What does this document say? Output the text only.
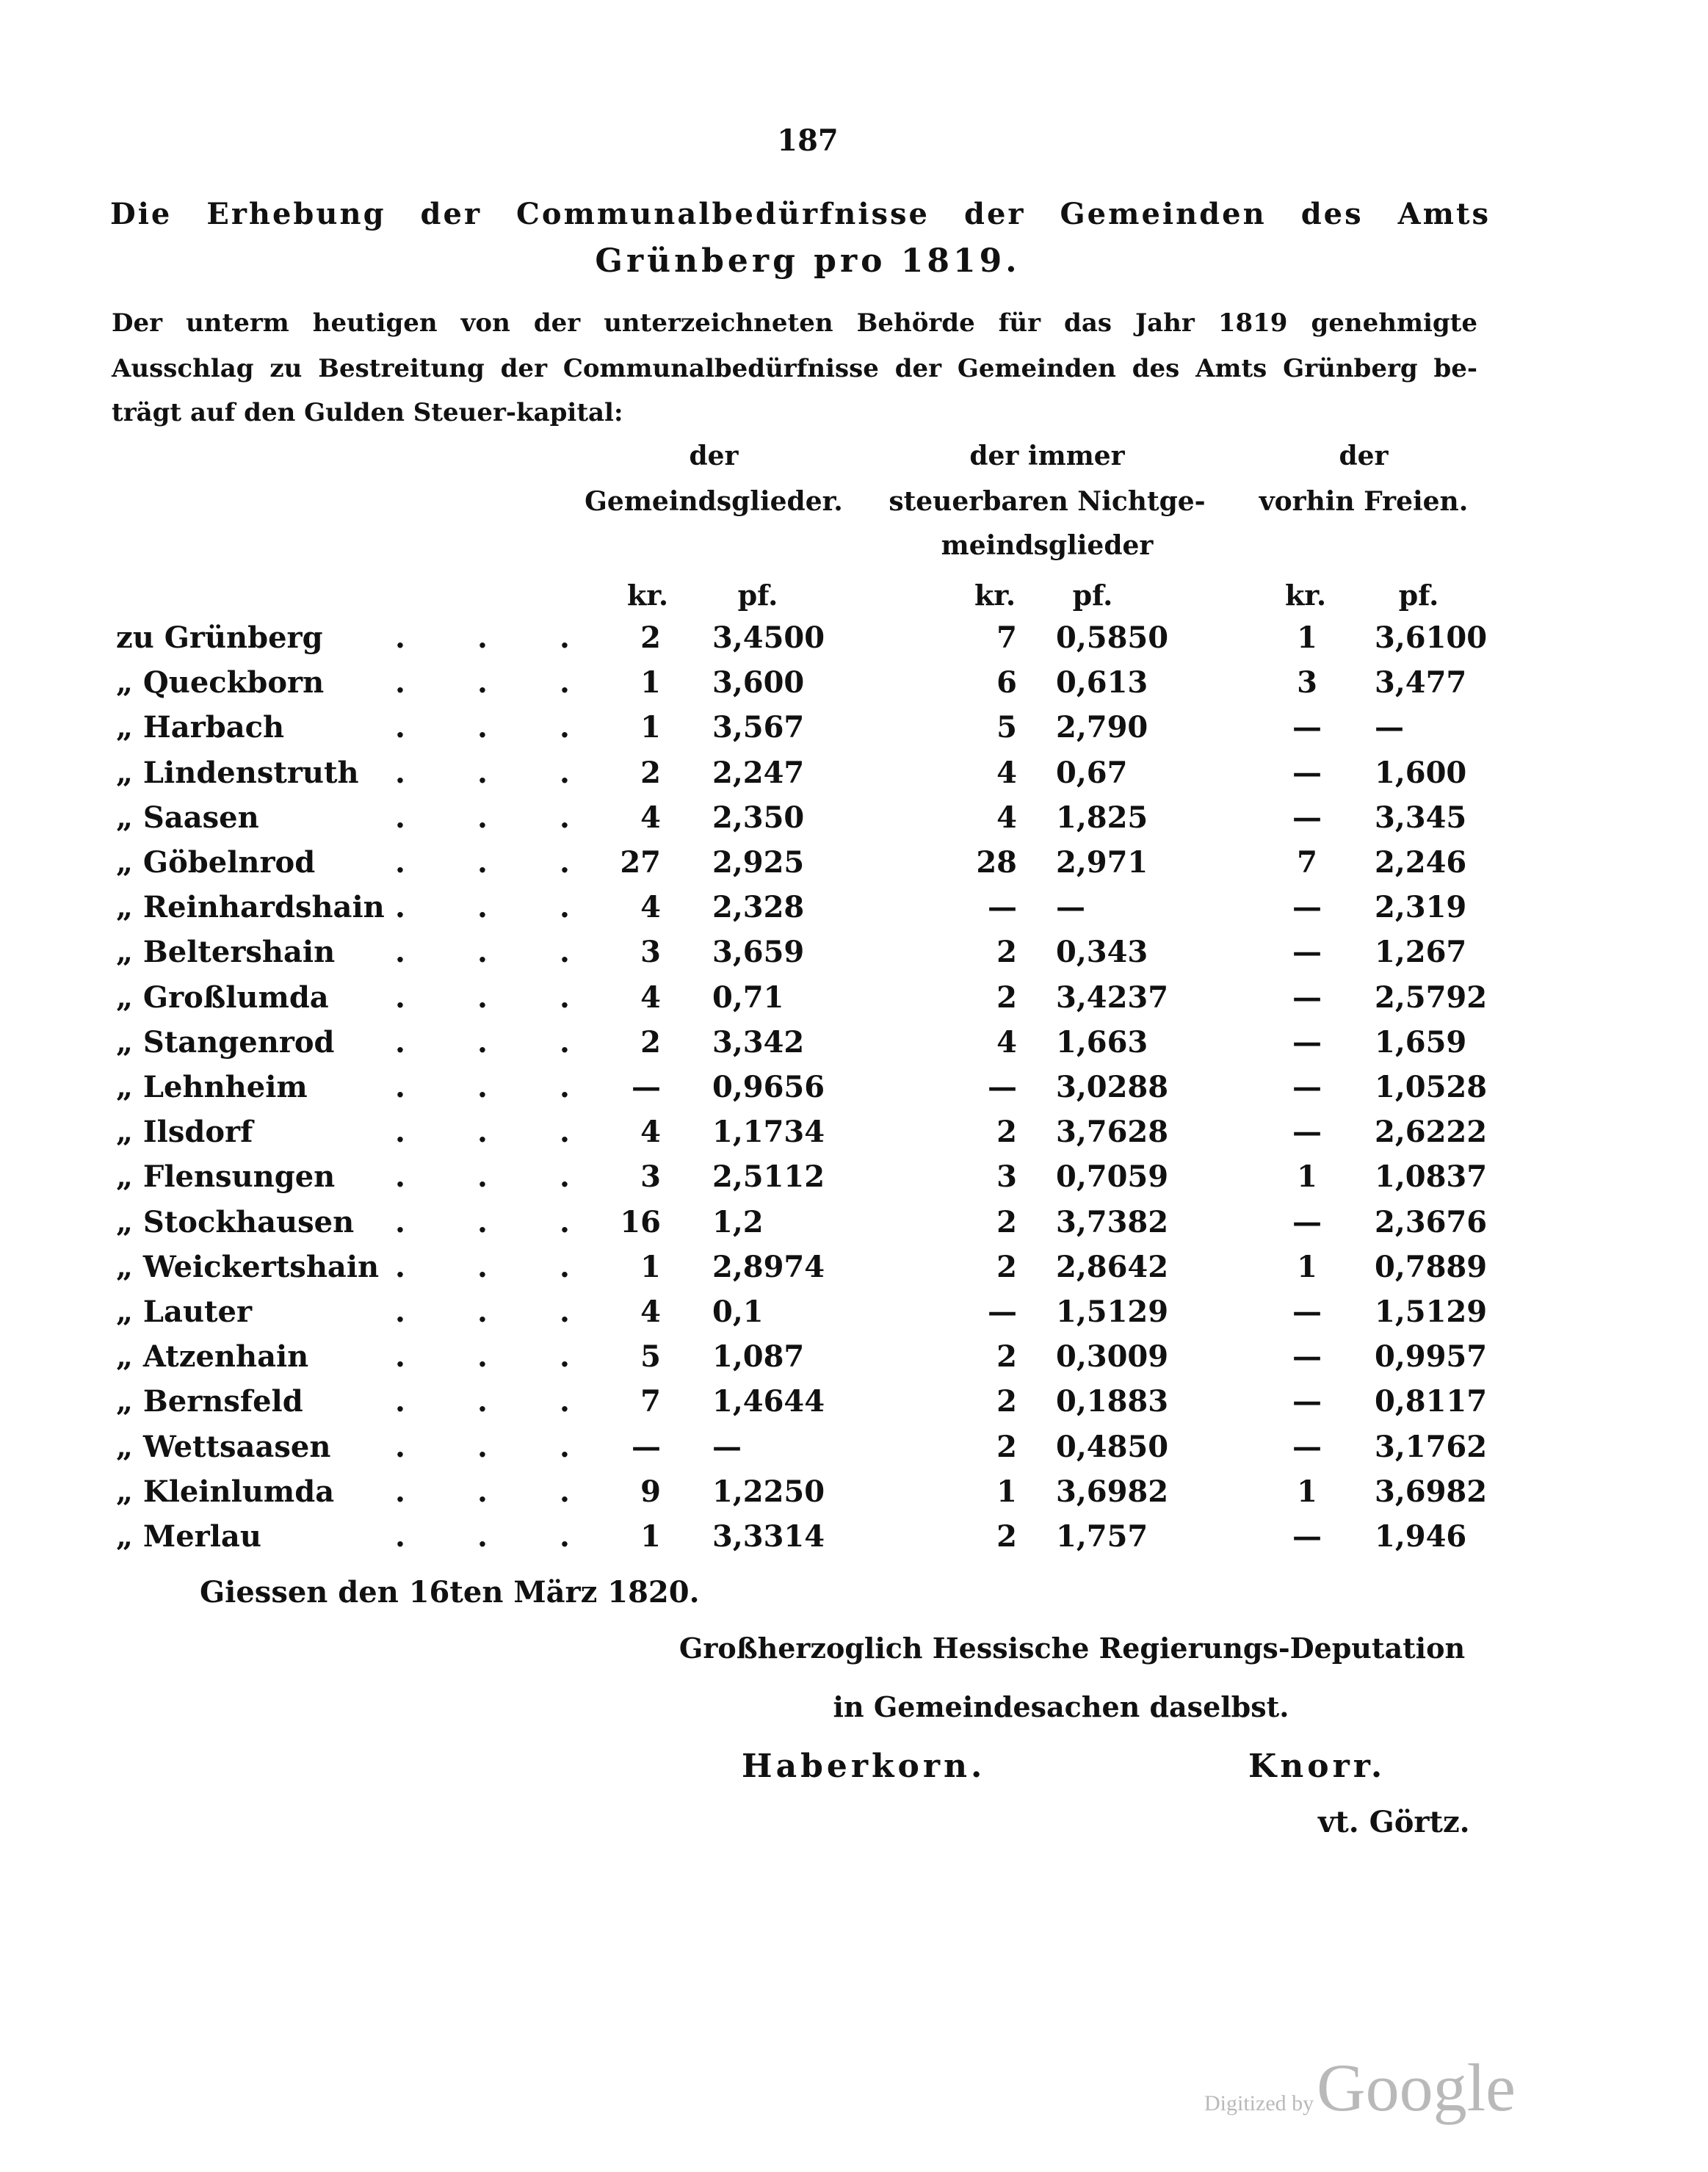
187
Die Erhebung der Communalbedürfnisse der Gemeinden des Amts
Grünberg pro 1819.
Der unterm heutigen von der unterzeichneten Behörde für das Jahr 1819 genehmigte
Ausschlag zu Bestreitung der Communalbedürfnisse der Gemeinden des Amts Grünberg be-
trägt auf den Gulden Steuer-kapital:
der
Gemeindsglieder.
der immer
steuerbaren Nichtge-
meindsglieder
der
vorhin Freien.
kr.	pf.	kr.	pf.	kr.	pf.
zu Grünberg . . .	2 3,4500	7 0,5850	1	3,6100
„ Queckborn . . .	1 3,600	6 0,613	3	3,477
„ Harbach	. . .	1 3,567	5 2,790	—	—
„ Lindenstruth . . .	2 2,247	4 0,67	—	1,600
„ Saasen	. . .	4 2,350	4 1,825	—	3,345
„ Göbelnrod	. . .	27 2,925	28 2,971	7	2,246
„ Reinhardshain . . .	4 2,328	— —	—	2,319
„ Beltershain . . .	3 3,659	2 0,343	—	1,267
„ Großlumda . . .	4 0,71	2 3,4237	—	2,5792
„ Stangenrod . . .	2 3,342	4 1,663	—	1,659
„ Lehnheim	. . .	— 0,9656	— 3,0288	—	1,0528
„ Ilsdorf	. . .	4 1,1734	2 3,7628	—	2,6222
„ Flensungen . . .	3 2,5112	3 0,7059	1	1,0837
„ Stockhausen . . .	16 1,2	2 3,7382	—	2,3676
„ Weickertshain . . .	1 2,8974	2 2,8642	1	0,7889
„ Lauter	. . .	4 0,1	— 1,5129	—	1,5129
„ Atzenhain	. . .	5 1,087	2 0,3009	—	0,9957
„ Bernsfeld	. . .	7 1,4644	2 0,1883	—	0,8117
„ Wettsaasen . . .	— —	2 0,4850	—	3,1762
„ Kleinlumda . . .	9 1,2250	1 3,6982	1	3,6982
„ Merlau	. . .	1 3,3314	2 1,757	—	1,946
Giessen den 16ten März 1820.
Großherzoglich Hessische Regierungs-Deputation
in Gemeindesachen daselbst.
Haberkorn.	Knorr.
vt. Görtz.
Digitized by Google
